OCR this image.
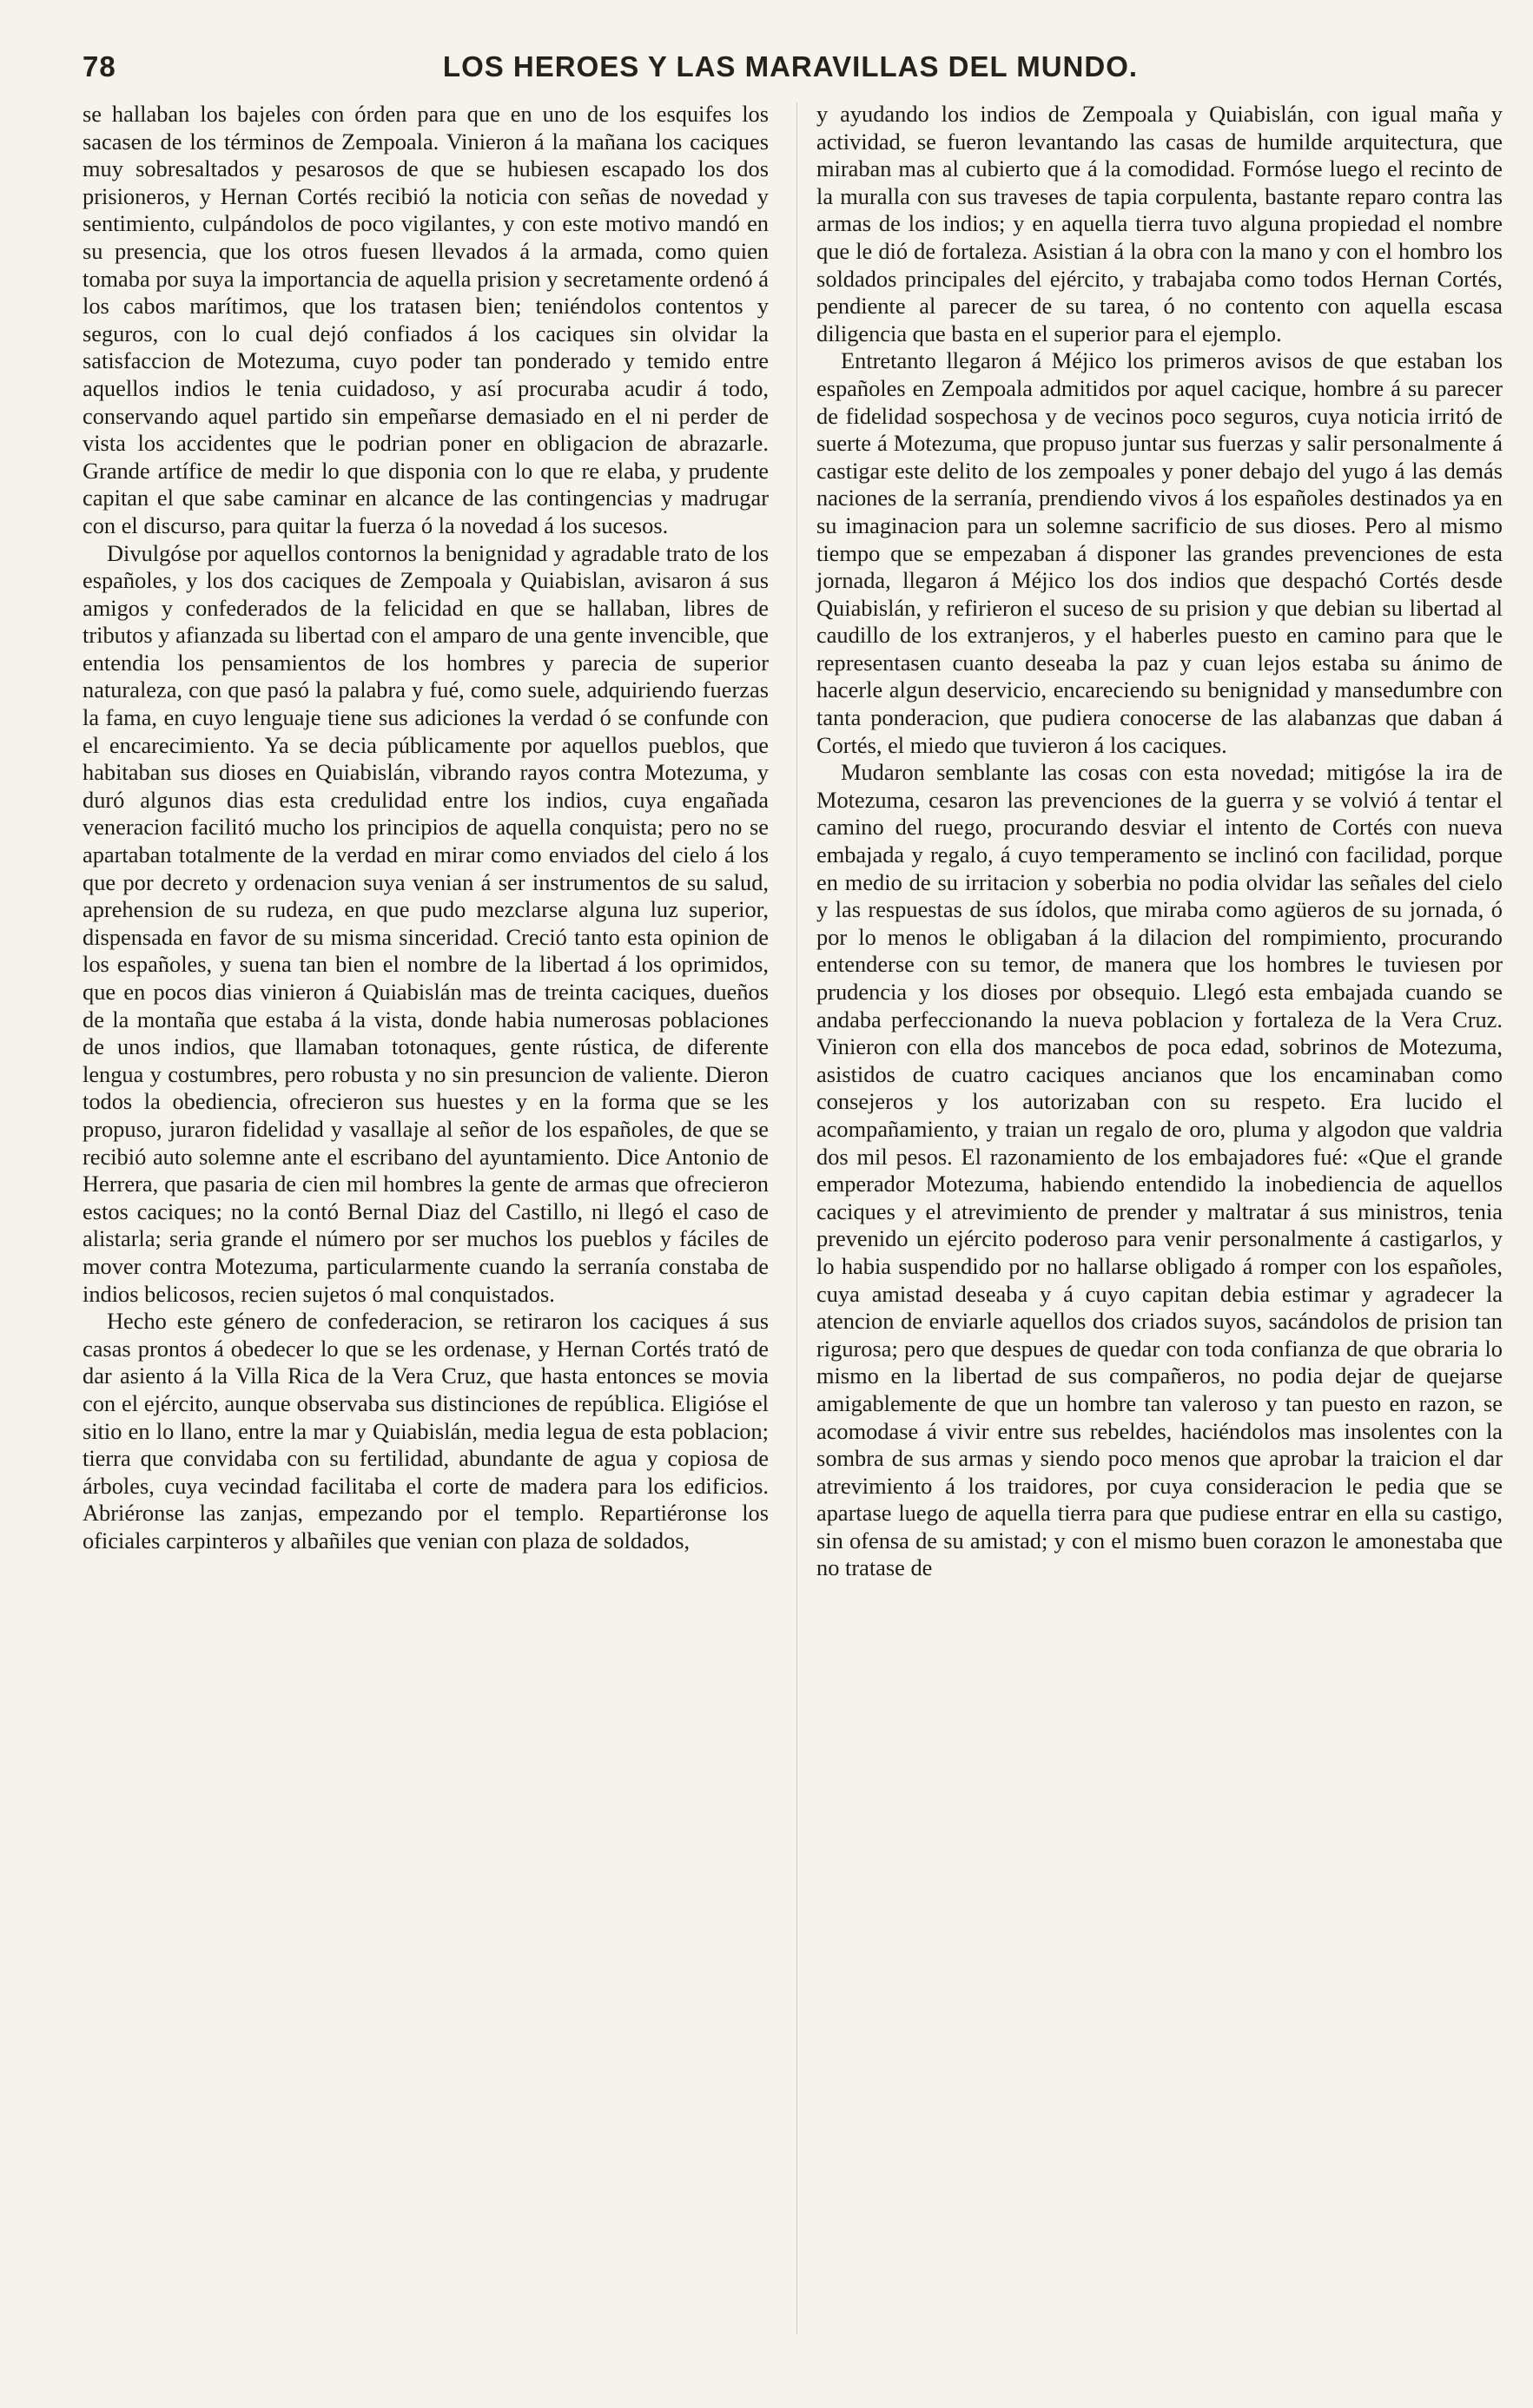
78	LOS HEROES Y LAS MARAVILLAS DEL MUNDO.

se hallaban los bajeles con órden para que en uno de los esquifes los sacasen de los términos de Zempoala. Vinieron á la mañana los caciques muy sobresaltados y pesarosos de que se hubiesen escapado los dos prisioneros, y Hernan Cortés recibió la noticia con señas de novedad y sentimiento, culpándolos de poco vigilantes, y con este motivo mandó en su presencia, que los otros fuesen llevados á la armada, como quien tomaba por suya la importancia de aquella prision y secretamente ordenó á los cabos marítimos, que los tratasen bien; teniéndolos contentos y seguros, con lo cual dejó confiados á los caciques sin olvidar la satisfaccion de Motezuma, cuyo poder tan ponderado y temido entre aquellos indios le tenia cuidadoso, y así procuraba acudir á todo, conservando aquel partido sin empeñarse demasiado en el ni perder de vista los accidentes que le podrian poner en obligacion de abrazarle. Grande artífice de medir lo que disponia con lo que re elaba, y prudente capitan el que sabe caminar en alcance de las contingencias y madrugar con el discurso, para quitar la fuerza ó la novedad á los sucesos.

Divulgóse por aquellos contornos la benignidad y agradable trato de los españoles, y los dos caciques de Zempoala y Quiabislan, avisaron á sus amigos y confederados de la felicidad en que se hallaban, libres de tributos y afianzada su libertad con el amparo de una gente invencible, que entendia los pensamientos de los hombres y parecia de superior naturaleza, con que pasó la palabra y fué, como suele, adquiriendo fuerzas la fama, en cuyo lenguaje tiene sus adiciones la verdad ó se confunde con el encarecimiento. Ya se decia públicamente por aquellos pueblos, que habitaban sus dioses en Quiabislán, vibrando rayos contra Motezuma, y duró algunos dias esta credulidad entre los indios, cuya engañada veneracion facilitó mucho los principios de aquella conquista; pero no se apartaban totalmente de la verdad en mirar como enviados del cielo á los que por decreto y ordenacion suya venian á ser instrumentos de su salud, aprehension de su rudeza, en que pudo mezclarse alguna luz superior, dispensada en favor de su misma sinceridad. Creció tanto esta opinion de los españoles, y suena tan bien el nombre de la libertad á los oprimidos, que en pocos dias vinieron á Quiabislán mas de treinta caciques, dueños de la montaña que estaba á la vista, donde habia numerosas poblaciones de unos indios, que llamaban totonaques, gente rústica, de diferente lengua y costumbres, pero robusta y no sin presuncion de valiente. Dieron todos la obediencia, ofrecieron sus huestes y en la forma que se les propuso, juraron fidelidad y vasallaje al señor de los españoles, de que se recibió auto solemne ante el escribano del ayuntamiento. Dice Antonio de Herrera, que pasaria de cien mil hombres la gente de armas que ofrecieron estos caciques; no la contó Bernal Diaz del Castillo, ni llegó el caso de alistarla; seria grande el número por ser muchos los pueblos y fáciles de mover contra Motezuma, particularmente cuando la serranía constaba de indios belicosos, recien sujetos ó mal conquistados.

Hecho este género de confederacion, se retiraron los caciques á sus casas prontos á obedecer lo que se les ordenase, y Hernan Cortés trató de dar asiento á la Villa Rica de la Vera Cruz, que hasta entonces se movia con el ejército, aunque observaba sus distinciones de república. Eligióse el sitio en lo llano, entre la mar y Quiabislán, media legua de esta poblacion; tierra que convidaba con su fertilidad, abundante de agua y copiosa de árboles, cuya vecindad facilitaba el corte de madera para los edificios. Abriéronse las zanjas, empezando por el templo. Repartiéronse los oficiales carpinteros y albañiles que venian con plaza de soldados,

y ayudando los indios de Zempoala y Quiabislán, con igual maña y actividad, se fueron levantando las casas de humilde arquitectura, que miraban mas al cubierto que á la comodidad. Formóse luego el recinto de la muralla con sus traveses de tapia corpulenta, bastante reparo contra las armas de los indios; y en aquella tierra tuvo alguna propiedad el nombre que le dió de fortaleza. Asistian á la obra con la mano y con el hombro los soldados principales del ejército, y trabajaba como todos Hernan Cortés, pendiente al parecer de su tarea, ó no contento con aquella escasa diligencia que basta en el superior para el ejemplo.

Entretanto llegaron á Méjico los primeros avisos de que estaban los españoles en Zempoala admitidos por aquel cacique, hombre á su parecer de fidelidad sospechosa y de vecinos poco seguros, cuya noticia irritó de suerte á Motezuma, que propuso juntar sus fuerzas y salir personalmente á castigar este delito de los zempoales y poner debajo del yugo á las demás naciones de la serranía, prendiendo vivos á los españoles destinados ya en su imaginacion para un solemne sacrificio de sus dioses. Pero al mismo tiempo que se empezaban á disponer las grandes prevenciones de esta jornada, llegaron á Méjico los dos indios que despachó Cortés desde Quiabislán, y refirieron el suceso de su prision y que debian su libertad al caudillo de los extranjeros, y el haberles puesto en camino para que le representasen cuanto deseaba la paz y cuan lejos estaba su ánimo de hacerle algun deservicio, encareciendo su benignidad y mansedumbre con tanta ponderacion, que pudiera conocerse de las alabanzas que daban á Cortés, el miedo que tuvieron á los caciques.

Mudaron semblante las cosas con esta novedad; mitigóse la ira de Motezuma, cesaron las prevenciones de la guerra y se volvió á tentar el camino del ruego, procurando desviar el intento de Cortés con nueva embajada y regalo, á cuyo temperamento se inclinó con facilidad, porque en medio de su irritacion y soberbia no podia olvidar las señales del cielo y las respuestas de sus ídolos, que miraba como agüeros de su jornada, ó por lo menos le obligaban á la dilacion del rompimiento, procurando entenderse con su temor, de manera que los hombres le tuviesen por prudencia y los dioses por obsequio. Llegó esta embajada cuando se andaba perfeccionando la nueva poblacion y fortaleza de la Vera Cruz. Vinieron con ella dos mancebos de poca edad, sobrinos de Motezuma, asistidos de cuatro caciques ancianos que los encaminaban como consejeros y los autorizaban con su respeto. Era lucido el acompañamiento, y traian un regalo de oro, pluma y algodon que valdria dos mil pesos. El razonamiento de los embajadores fué: «Que el grande emperador Motezuma, habiendo entendido la inobediencia de aquellos caciques y el atrevimiento de prender y maltratar á sus ministros, tenia prevenido un ejército poderoso para venir personalmente á castigarlos, y lo habia suspendido por no hallarse obligado á romper con los españoles, cuya amistad deseaba y á cuyo capitan debia estimar y agradecer la atencion de enviarle aquellos dos criados suyos, sacándolos de prision tan rigurosa; pero que despues de quedar con toda confianza de que obraria lo mismo en la libertad de sus compañeros, no podia dejar de quejarse amigablemente de que un hombre tan valeroso y tan puesto en razon, se acomodase á vivir entre sus rebeldes, haciéndolos mas insolentes con la sombra de sus armas y siendo poco menos que aprobar la traicion el dar atrevimiento á los traidores, por cuya consideracion le pedia que se apartase luego de aquella tierra para que pudiese entrar en ella su castigo, sin ofensa de su amistad; y con el mismo buen corazon le amonestaba que no tratase de
